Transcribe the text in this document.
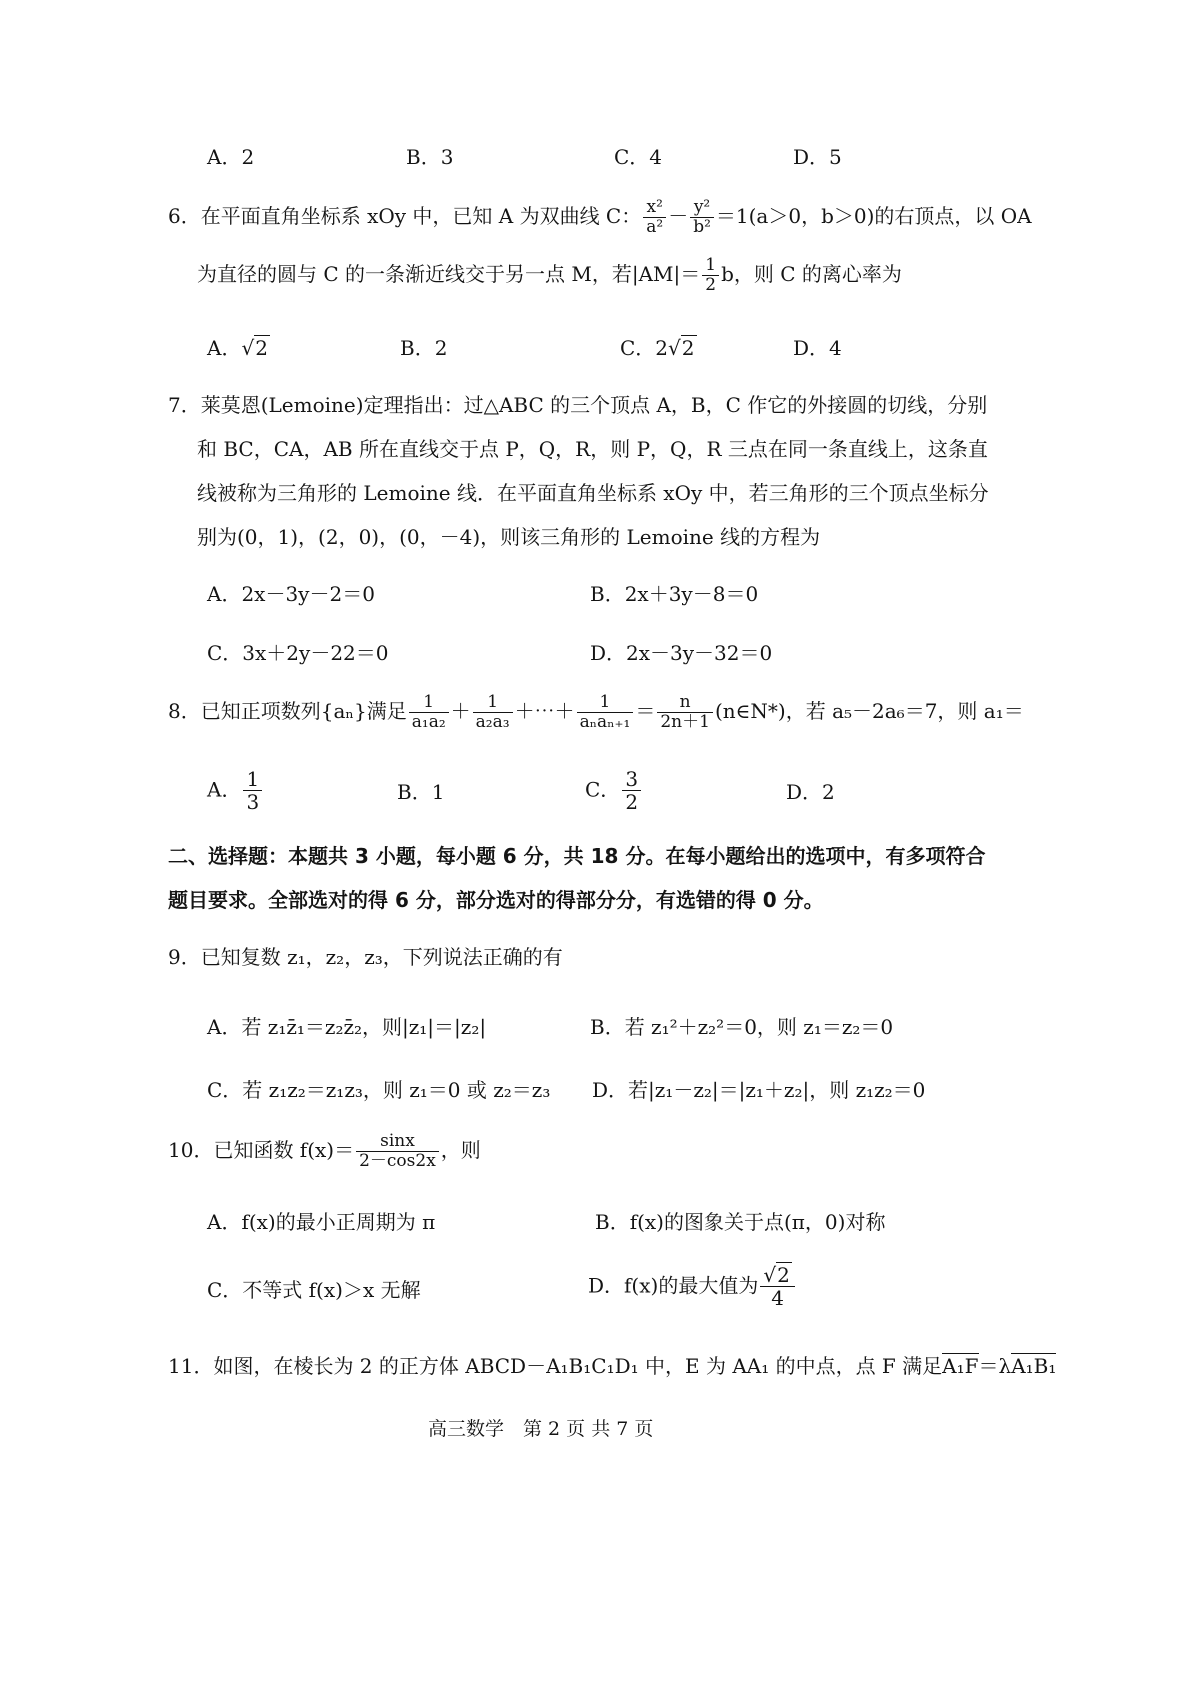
A．2	B．3	C．4	D．5
6．在平面直角坐标系 xOy 中，已知 A 为双曲线 C： $\frac{\text{x²}}{\text{a²}} - \frac{\text{y²}}{\text{b²}} =1(a>0$，b＞0)的右顶点，以 OA
为直径的圆与 C 的一条渐近线交于另一点 M，若$|AM|= \frac{1}{2}$ b，则 C 的离心率为
A．√2	B．2	C．2√2	D．4
7．莱莫恩(Lemoine)定理指出：过△ABC 的三个顶点 A，B，C 作它的外接圆的切线，分别
和 BC，CA，AB 所在直线交于点 P，Q，R，则 P，Q，R 三点在同一条直线上，这条直
线被称为三角形的 Lemoine 线．在平面直角坐标系 xOy 中，若三角形的三个顶点坐标分
别为(0，1)，(2，0)，(0，－4)，则该三角形的 Lemoine 线的方程为
A．2x－3y－2＝0	B．2x＋3y－8＝0
C．3x＋2y－22＝0	D．2x－3y－32＝0
8．已知正项数列{aₙ}满足 $\frac{1}{\text{a₁a₂}} + \frac{1}{\text{a₂a₃}}$ ＋⋯＋ $\frac{1}{\text{aₙaₙ₊₁}} = \frac{n}{2n+1}$ (n∈N*)，若 a₅－2a₆＝7，则 a₁＝
A． $\frac{1}{3}$	B．1	C． $\frac{3}{2}$	D．2
二、选择题：本题共 3 小题，每小题 6 分，共 18 分。在每小题给出的选项中，有多项符合
题目要求。全部选对的得 6 分，部分选对的得部分分，有选错的得 0 分。
9．已知复数 z₁，z₂，z₃，下列说法正确的有
A．若 z₁z̄₁＝z₂z̄₂，则|z₁|＝|z₂|	B．若 z₁²＋z₂²＝0，则 z₁＝z₂＝0
C．若 z₁z₂＝z₁z₃，则 z₁＝0 或 z₂＝z₃ D．若|z₁－z₂|＝|z₁＋z₂|，则 z₁z₂＝0
10．已知函数 $f(x)= \frac{\sin x}{2-\cos 2x}$ ，则
A．f(x)的最小正周期为 π	B．f(x)的图象关于点(π，0)对称
C．不等式 f(x)＞x 无解	D．f(x)的最大值为 $\frac{√2}{4}$
11．如图，在棱长为 2 的正方体 ABCD－A₁B₁C₁D₁ 中，E 为 AA₁ 的中点，点 F 满足A₁F＝λA₁B₁
高三数学　第 2 页 共 7 页
